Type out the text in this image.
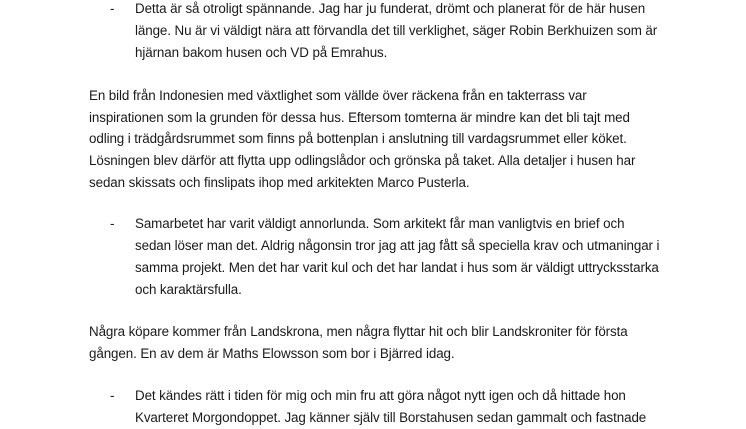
- Detta är så otroligt spännande. Jag har ju funderat, drömt och planerat för de här husen
länge. Nu är vi väldigt nära att förvandla det till verklighet, säger Robin Berkhuizen som är
hjärnan bakom husen och VD på Emrahus.
En bild från Indonesien med växtlighet som vällde över räckena från en takterrass var
inspirationen som la grunden för dessa hus. Eftersom tomterna är mindre kan det bli tajt med
odling i trädgårdsrummet som finns på bottenplan i anslutning till vardagsrummet eller köket.
Lösningen blev därför att flytta upp odlingslådor och grönska på taket. Alla detaljer i husen har
sedan skissats och finslipats ihop med arkitekten Marco Pusterla.
- Samarbetet har varit väldigt annorlunda. Som arkitekt får man vanligtvis en brief och
sedan löser man det. Aldrig någonsin tror jag att jag fått så speciella krav och utmaningar i
samma projekt. Men det har varit kul och det har landat i hus som är väldigt uttrycksstarka
och karaktärsfulla.
Några köpare kommer från Landskrona, men några flyttar hit och blir Landskroniter för första
gången. En av dem är Maths Elowsson som bor i Bjärred idag.
- Det kändes rätt i tiden för mig och min fru att göra något nytt igen och då hittade hon
Kvarteret Morgondoppet. Jag känner själv till Borstahusen sedan gammalt och fastnade
